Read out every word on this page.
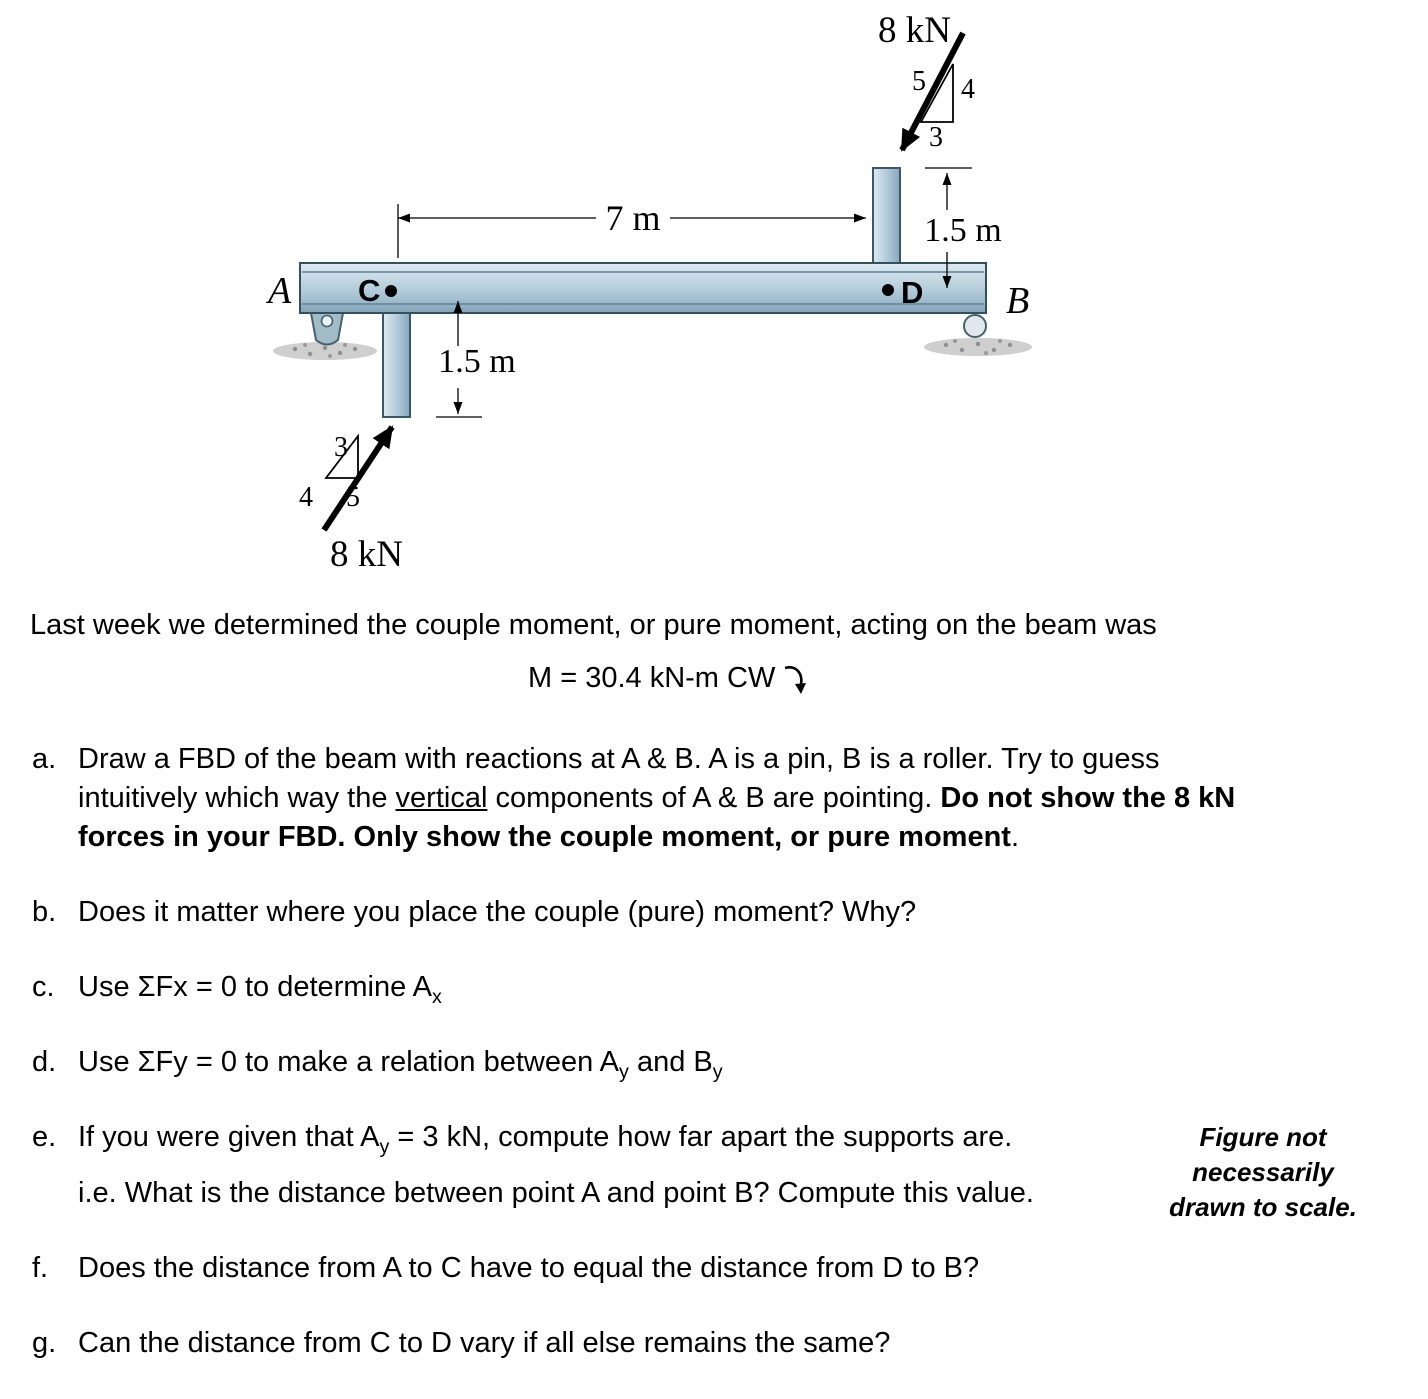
7 m	1.5 m
1.5 m
5 4
3
8 kN
3
4 5
8 kN
A	B
C	D

Last week we determined the couple moment, or pure moment, acting on the beam was

M = 30.4 kN-m CW

a. Draw a FBD of the beam with reactions at A & B. A is a pin, B is a roller. Try to guess intuitively which way the vertical components of A & B are pointing. Do not show the 8 kN forces in your FBD. Only show the couple moment, or pure moment.
b. Does it matter where you place the couple (pure) moment? Why?
c. Use ΣFx = 0 to determine $A_x$
d. Use ΣFy = 0 to make a relation between $A_y$ and $B_y$
e. If you were given that $A_y = 3$ kN, compute how far apart the supports are.
i.e. What is the distance between point A and point B? Compute this value.
Figure not necessarily
drawn to scale.
f. Does the distance from A to C have to equal the distance from D to B?
g. Can the distance from C to D vary if all else remains the same?
